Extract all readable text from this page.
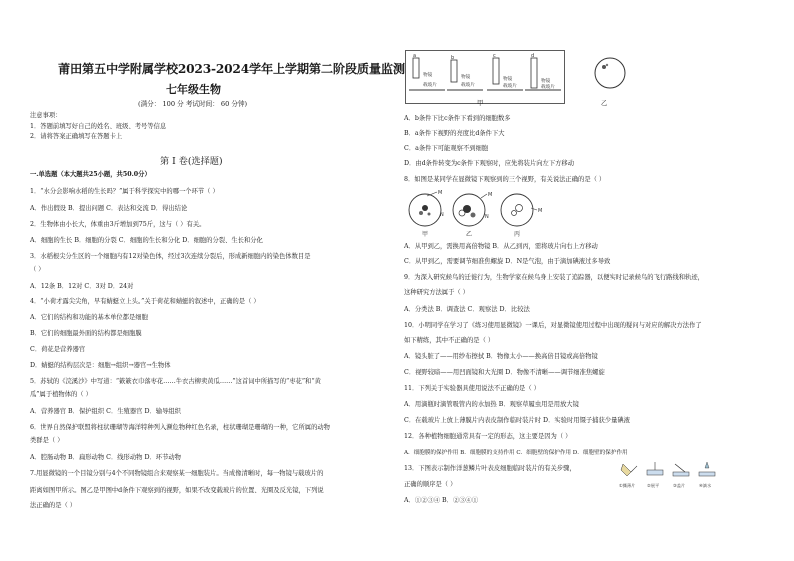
莆田第五中学附属学校2023-2024学年上学期第二阶段质量监测
七年级生物
(满分： 100 分 考试时间： 60 分钟)
注意事项：
1．答题前填写好自己的姓名、班级、考号等信息
2．请将答案正确填写在答题卡上
第 I 卷(选择题)
一.单选题（本大题共25小题，共50.0分）
1．“水分会影响水稻的生长吗？”属于科学探究中的哪一个环节（ ）
A．作出假设 B．提出问题 C．表达和交流 D．得出结论
2．生物体由小长大，体重由3斤增加到75斤，这与（ ）有关。
A．细胞的生长 B．细胞的分裂 C．细胞的生长和分化 D．细胞的分裂、生长和分化
3．水稻根尖分生区的一个细胞内有12对染色体，经过3次连续分裂后，形成新细胞内的染色体数目是
（ ）
A．12条 B．12对 C．3对 D．24对
4．“小荷才露尖尖角，早有蜻蜓立上头。”关于荷花和蜻蜓的叙述中，正确的是（ ）
A．它们的结构和功能的基本单位都是细胞
B．它们的细胞最外面的结构都是细胞膜
C．荷花是营养器官
D．蜻蜓的结构层次是：细胞→组织→器官→生物体
5．苏轼的《浣溪沙》中写道：“簌簌衣巾落枣花……牛衣古柳卖黄瓜……”这首词中所描写的“枣花”和“黄
瓜”属于植物体的（ ）
A．营养器官 B．保护组织 C．生殖器官 D．输导组织
6．世界自然保护联盟将柱状珊瑚等海洋特种列入濒危物种红色名录，柱状珊瑚是珊瑚的一种，它所属的动物
类群是（ ）
A．腔肠动物 B．扁形动物 C．线形动物 D．环节动物
7.用显微镜的一个目镜分别与4个不同物镜组合来观察某一细胞装片。当成像清晰时，每一物镜与载玻片的
距离如图甲所示。图乙是甲图中d条件下观察到的视野，如果不改变载玻片的位置、光圈及反光镜，下列说
法正确的是（ ）
a	b	c	d
物镜
载玻片
物镜
载玻片
物镜
载玻片
物镜
载玻片
甲	乙
A．b条件下比c条件下看到的细胞数多
B．a条件下视野的亮度比d条件下大
C．a条件下可能观察不到细胞
D．由d条件转变为c条件下观察时，应先将装片向左下方移动
8．如图是某同学在显微镜下观察到的三个视野，有关说法正确的是（ ）
M
N
M
N
M
甲	乙	丙
A．从甲到乙，需换用高倍物镜 B．从乙到丙，需将玻片向右上方移动
C．从甲到乙，需要调节细准焦螺旋 D．N是气泡，由于滴加碘液过多导致
9．为深入研究候鸟的迁徙行为，生物学家在候鸟身上安装了追踪器，以便实时记录候鸟的飞行路线和轨迹，
这种研究方法属于（ ）
A．分类法 B．调查法 C．观察法 D．比较法
10．小明同学在学习了《练习使用显微镜》一课后，对显微镜使用过程中出现的疑问与对应的解决方法作了
如下精练，其中不正确的是（ ）
A．镜头脏了——用纱布擦拭 B．物像太小——换高倍目镜或高倍物镜
C．视野较暗——用凹面镜和大光圈 D．物像不清晰——调节细准焦螺旋
11．下列关于实验器具使用说法不正确的是（ ）
A．用滴瓶时滴管吸管内的水加热 B．观察草履虫用是用放大镜
C．在载玻片上放上薄膜片内表皮制作临时装片时 D．实验时用镊子捕获少量碘液
12．各种植物细胞通常具有一定的形态，这主要是因为（ ）
A．细胞膜的保护作用 B．细胞膜的支持作用 C．细胞壁的保护作用 D．细胞壁的保护作用
13．下图表示制作洋葱鳞片叶表皮细胞临时装片的有关步骤，
正确的顺序是（ ）
A．①②③④ B．②③④①
①撕薄片	②展平	③盖片	④滴水
